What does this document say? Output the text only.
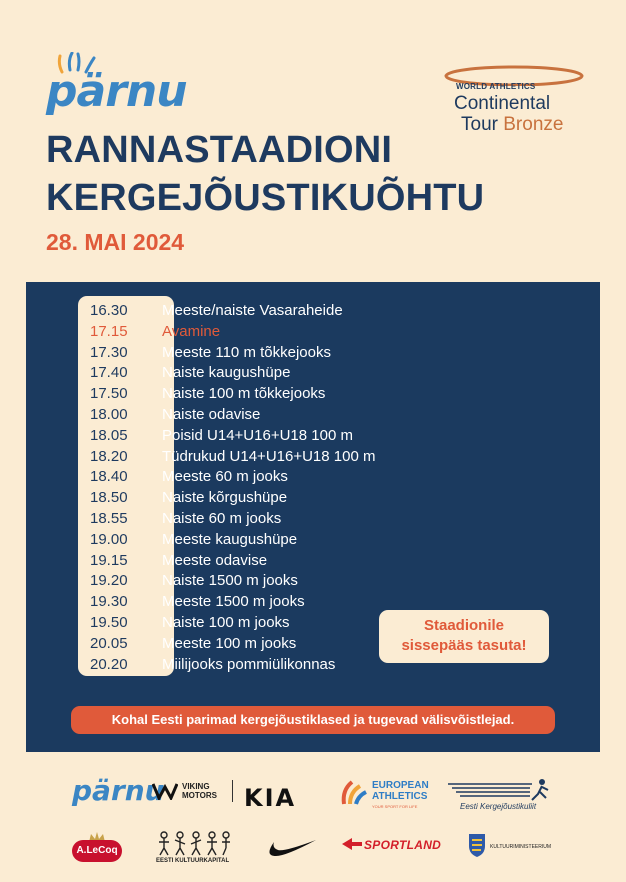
pärnu	WORLD ATHLETICS
Continental
Tour Bronze
RANNASTAADIONI
KERGEJÕUSTIKUÕHTU
28. MAI 2024
16.30	Meeste/naiste Vasaraheide
17.15	Avamine
17.30	Meeste 110 m tõkkejooks
17.40	Naiste kaugushüpe
17.50	Naiste 100 m tõkkejooks
18.00	Naiste odavise
18.05	Poisid U14+U16+U18 100 m
18.20	Tüdrukud U14+U16+U18 100 m
18.40	Meeste 60 m jooks
18.50	Naiste kõrgushüpe
18.55	Naiste 60 m jooks
19.00	Meeste kaugushüpe
19.15	Meeste odavise
19.20	Naiste 1500 m jooks
19.30	Meeste 1500 m jooks
19.50	Naiste 100 m jooks
20.05	Meeste 100 m jooks
20.20	Miilijooks pommiülikonnas
Staadionile
sissepääs tasuta!
Kohal Eesti parimad kergejõustiklased ja tugevad välisvõistlejad.
pärnu VIKING MOTORS	KIA	EUROPEAN ATHLETICS
YOUR SPORT FOR LIFE	Eesti Kergejõustikuliit
A.LeCoq
EESTI KULTUURKAPITAL
SPORTLAND	KULTUURIMINISTEERIUM
